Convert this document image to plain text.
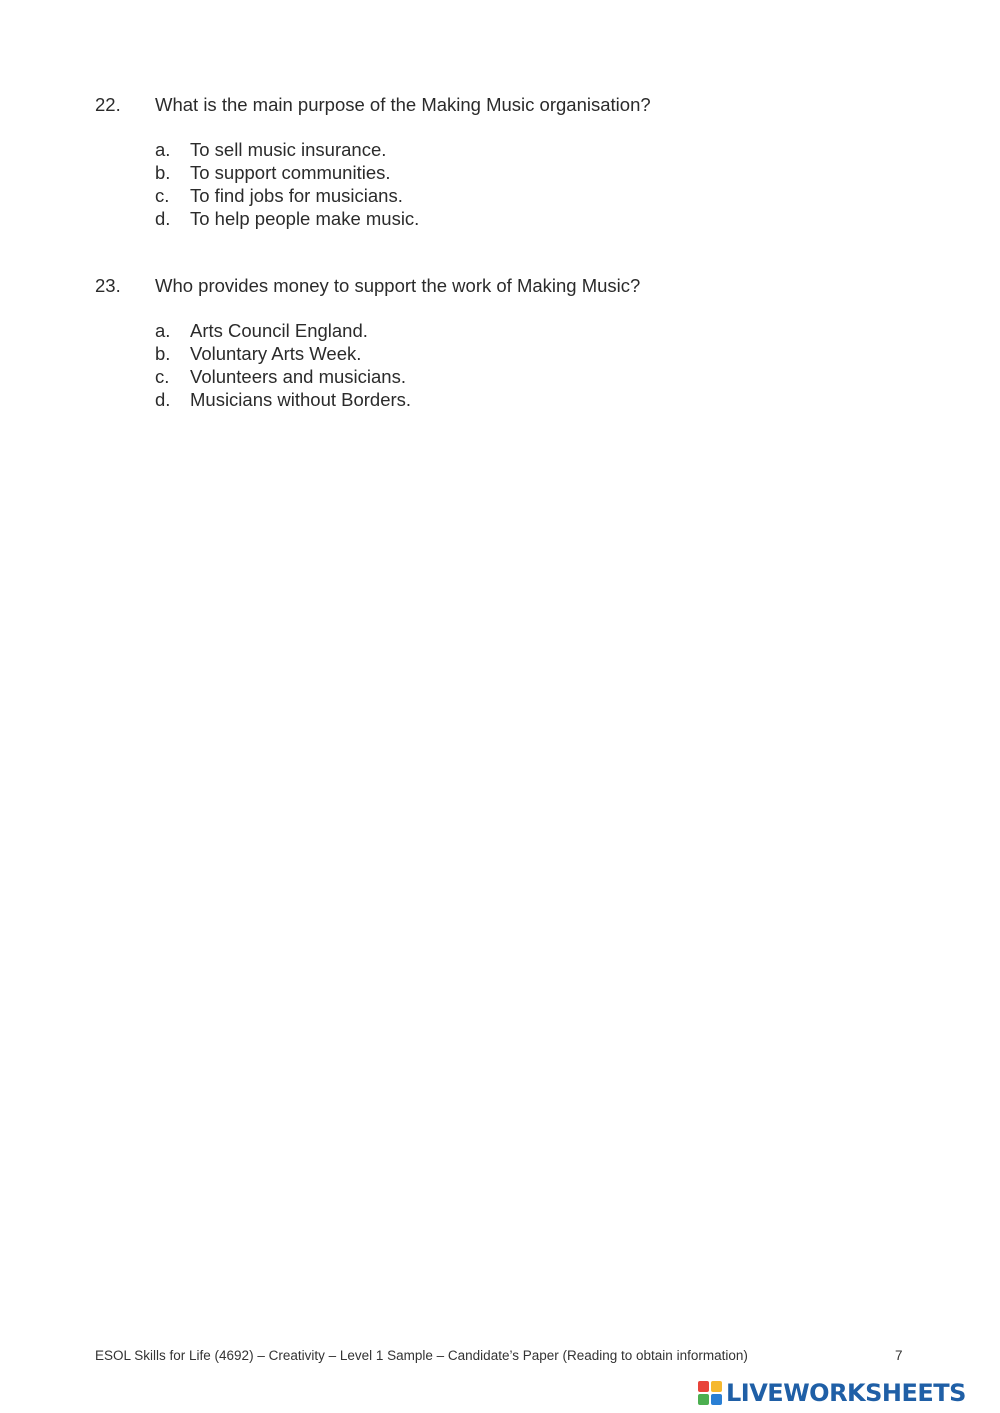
22.	What is the main purpose of the Making Music organisation?
a.	To sell music insurance.
b.	To support communities.
c.	To find jobs for musicians.
d.	To help people make music.
23.	Who provides money to support the work of Making Music?
a.	Arts Council England.
b.	Voluntary Arts Week.
c.	Volunteers and musicians.
d.	Musicians without Borders.
ESOL Skills for Life (4692) – Creativity – Level 1 Sample – Candidate’s Paper (Reading to obtain information)	7
LIVEWORKSHEETS
